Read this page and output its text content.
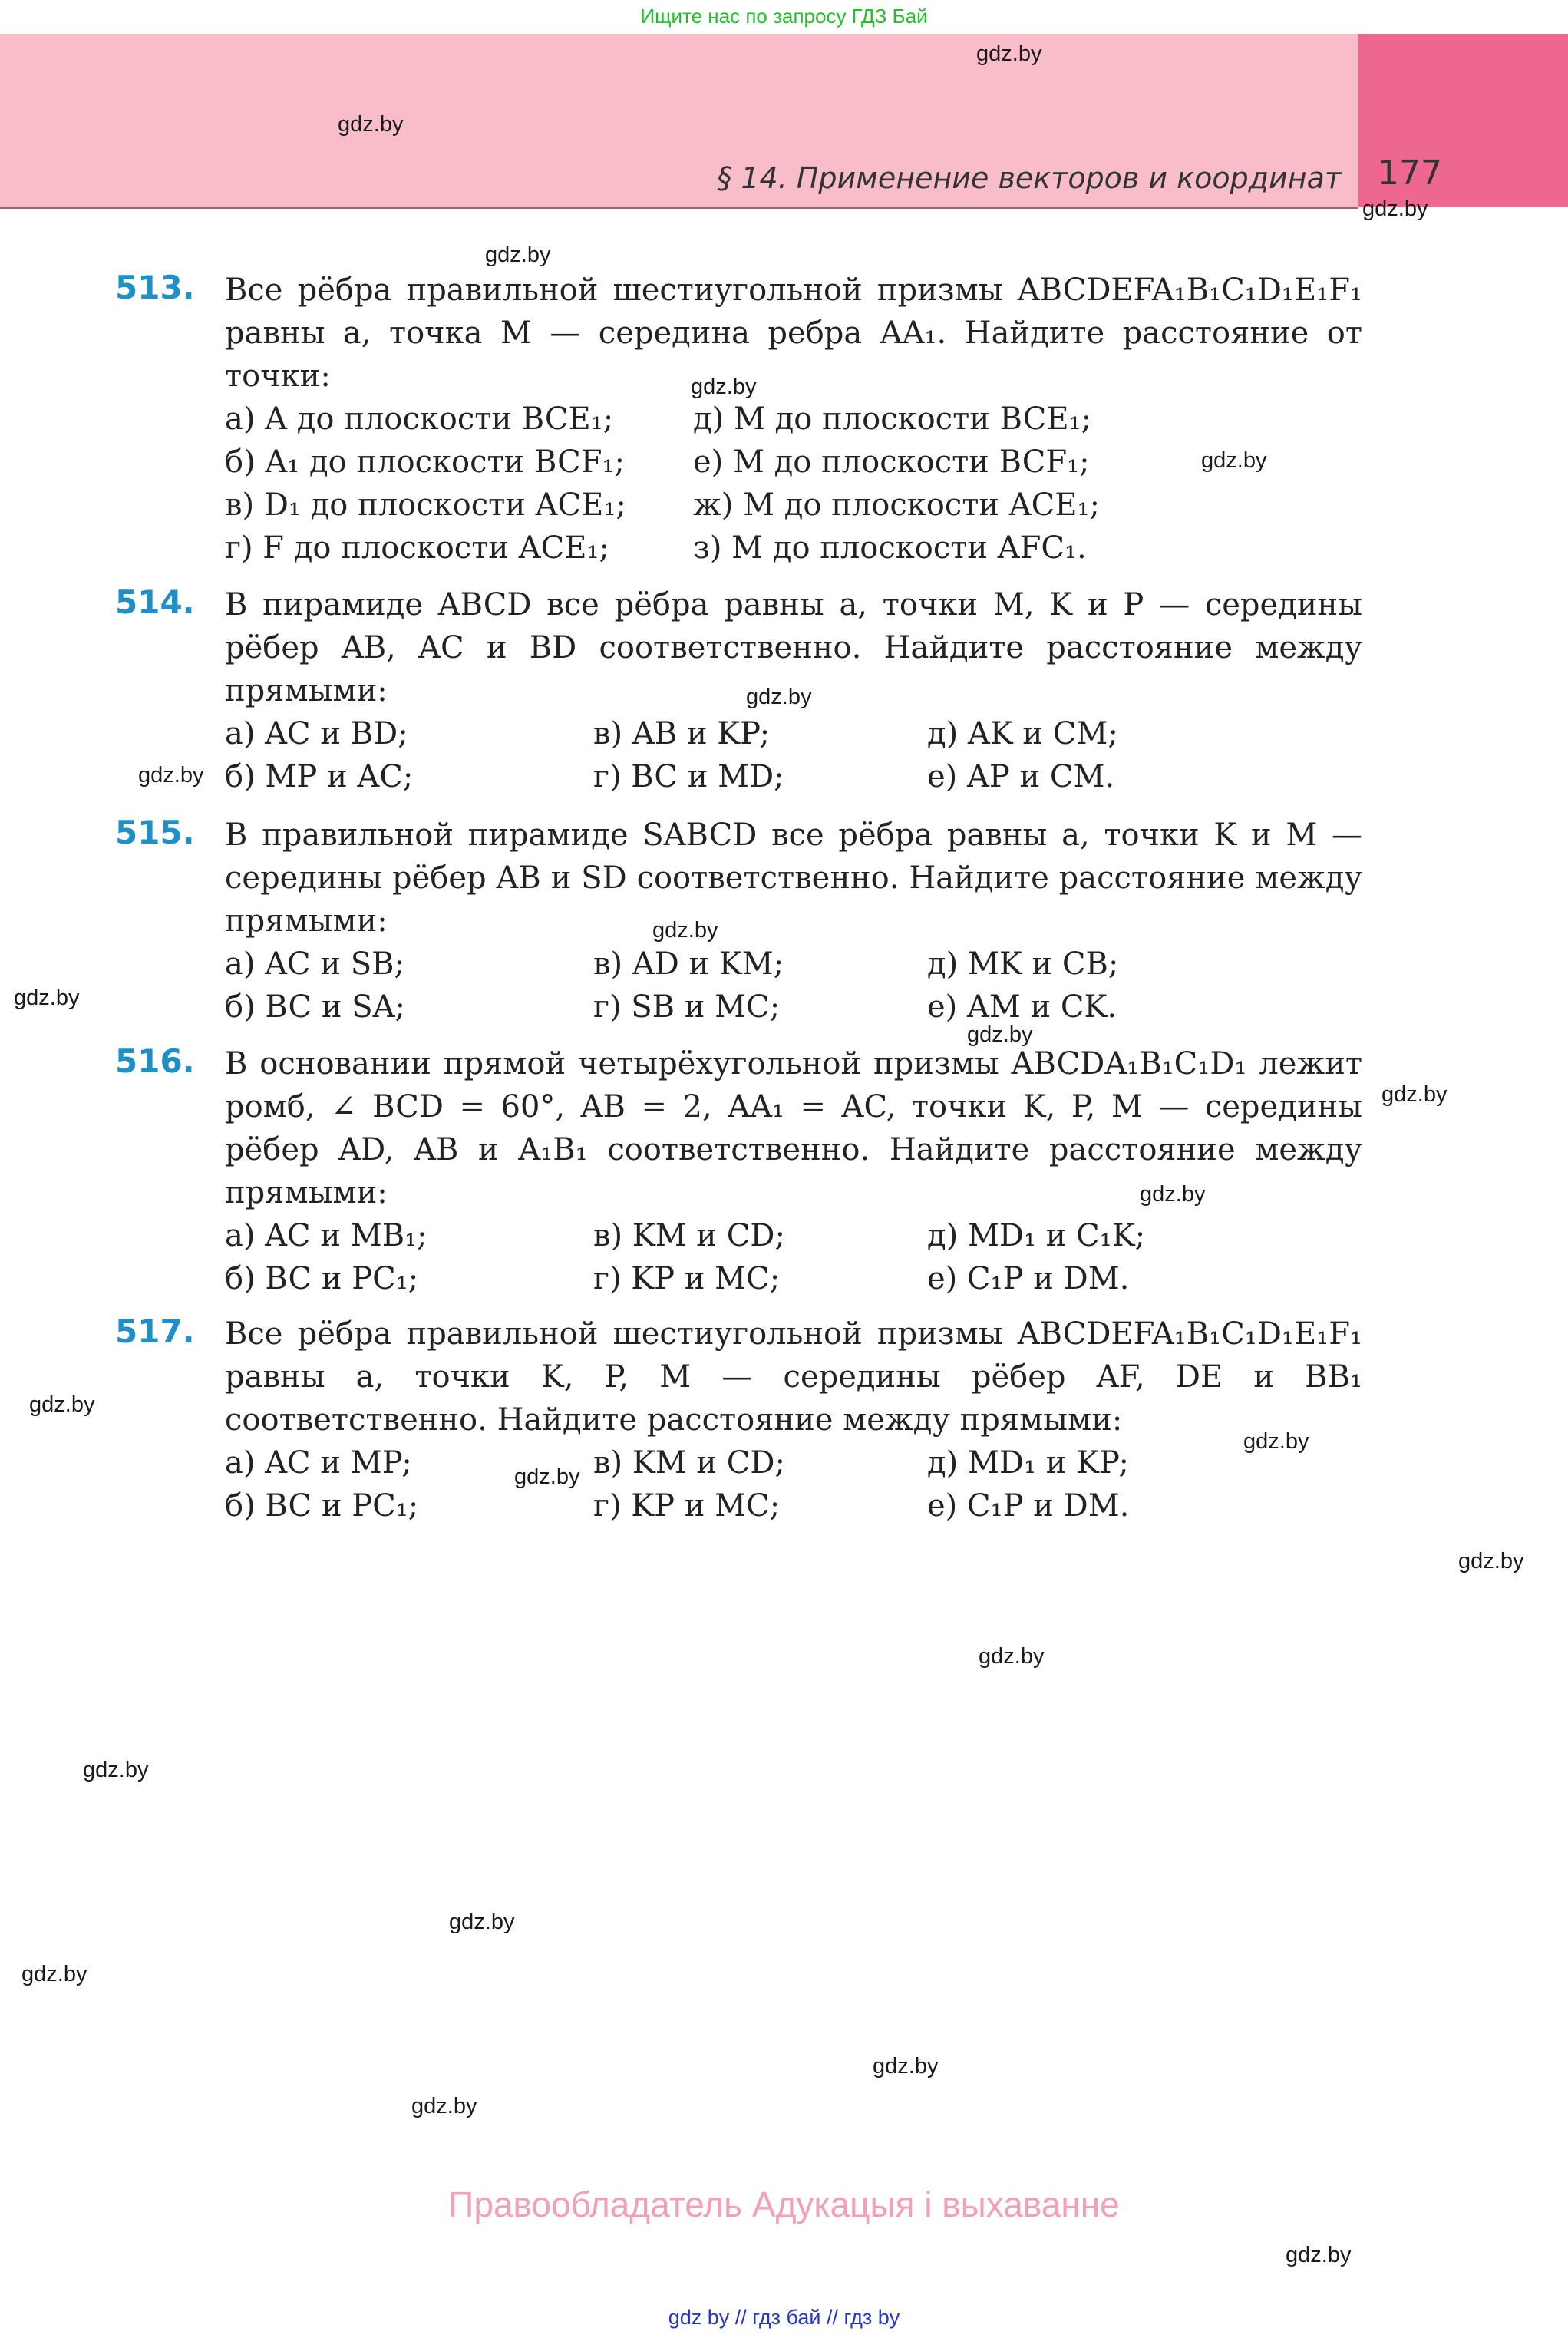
Ищите нас по запросу ГДЗ Бай
§ 14. Применение векторов и координат 177
513. Все рёбра правильной шестиугольной призмы ABCDEFA₁B₁C₁D₁E₁F₁ равны a, точка M — середина ребра AA₁. Найдите расстояние от точки:
а) A до плоскости BCE₁;	д) M до плоскости BCE₁;
б) A₁ до плоскости BCF₁; е) M до плоскости BCF₁;
в) D₁ до плоскости ACE₁; ж) M до плоскости ACE₁;
г) F до плоскости ACE₁;	з) M до плоскости AFC₁.
514. В пирамиде ABCD все рёбра равны a, точки M, K и P — середины рёбер AB, AC и BD соответственно. Найдите расстояние между прямыми:
а) AC и BD;	в) AB и KP;	д) AK и CM;
б) MP и AC;	г) BC и MD;	е) AP и CM.
515. В правильной пирамиде SABCD все рёбра равны a, точки K и M — середины рёбер AB и SD соответственно. Найдите расстояние между прямыми:
а) AC и SB;	в) AD и KM;	д) MK и CB;
б) BC и SA;	г) SB и MC;	е) AM и CK.
516. В основании прямой четырёхугольной призмы ABCDA₁B₁C₁D₁ лежит ромб, ∠ BCD = 60°, AB = 2, AA₁ = AC, точки K, P, M — середины рёбер AD, AB и A₁B₁ соответственно. Найдите расстояние между прямыми:
а) AC и MB₁;	в) KM и CD;	д) MD₁ и C₁K;
б) BC и PC₁;	г) KP и MC;	е) C₁P и DM.
517. Все рёбра правильной шестиугольной призмы ABCDEFA₁B₁C₁D₁E₁F₁ равны a, точки K, P, M — середины рёбер AF, DE и BB₁ соответственно. Найдите расстояние между прямыми:
а) AC и MP;	в) KM и CD;	д) MD₁ и KP;
б) BC и PC₁;	г) KP и MC;	е) C₁P и DM.
gdz.by
gdz.by
gdz.by
gdz.by
gdz.by
gdz.by
gdz.by
gdz.by
gdz.by
gdz.by
gdz.by
gdz.by
gdz.by
gdz.by
gdz.by
gdz.by
gdz.by
gdz.by
gdz.by
gdz.by
gdz.by
gdz.by
gdz.by
gdz.by
Правообладатель Адукацыя і выхаванне
gdz by // гдз бай // гдз by
